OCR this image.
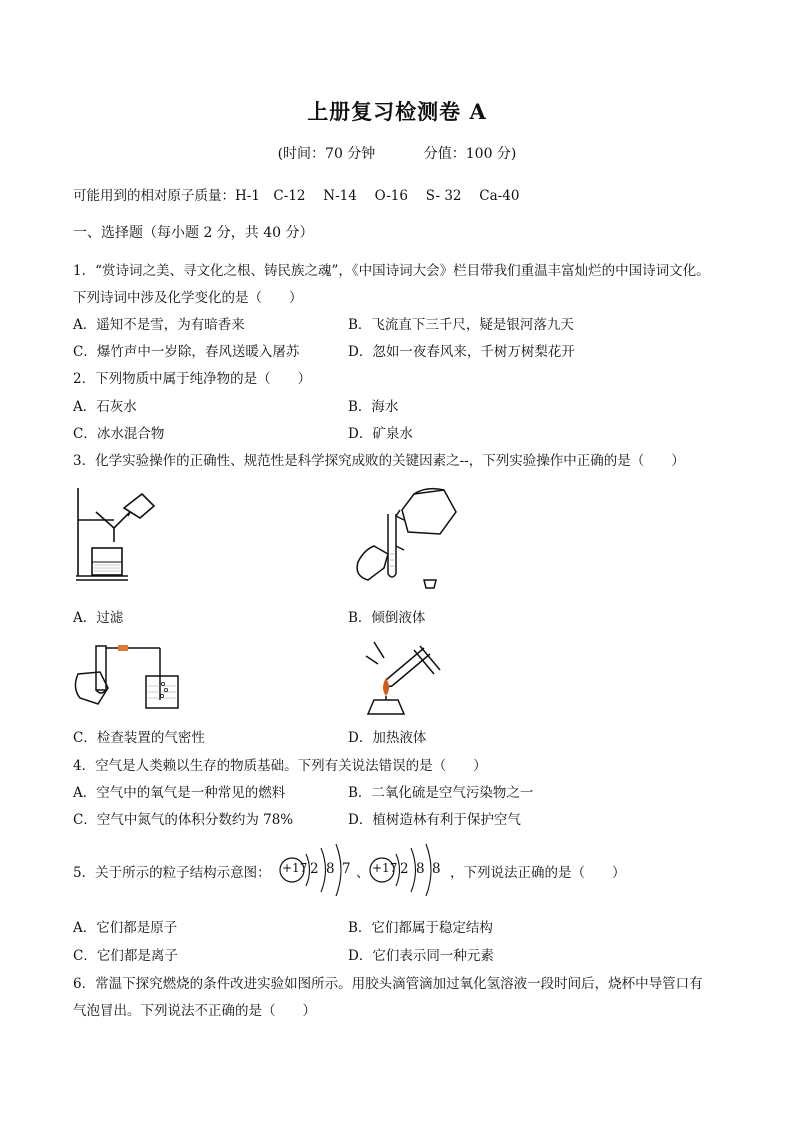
上册复习检测卷 A
(时间：70 分钟	分值：100 分)
可能用到的相对原子质量：H-1　C-12　 N-14　 O-16　 S- 32　 Ca-40
一、选择题（每小题 2 分，共 40 分）
1．“赏诗词之美、寻文化之根、铸民族之魂”，《中国诗词大会》栏目带我们重温丰富灿烂的中国诗词文化。
下列诗词中涉及化学变化的是（　　）
A．遥知不是雪，为有暗香来	B．飞流直下三千尺，疑是银河落九天
C．爆竹声中一岁除，春风送暖入屠苏	D．忽如一夜春风来，千树万树梨花开
2．下列物质中属于纯净物的是（　　）
A．石灰水	B．海水
C．冰水混合物	D．矿泉水
3．化学实验操作的正确性、规范性是科学探究成败的关键因素之--，下列实验操作中正确的是（　　）
A．过滤	B．倾倒液体
C．检查装置的气密性	D．加热液体
4．空气是人类赖以生存的物质基础。下列有关说法错误的是（　　）
A．空气中的氧气是一种常见的燃料	B．二氧化硫是空气污染物之一
C．空气中氮气的体积分数约为 78%	D．植树造林有利于保护空气
5．关于所示的粒子结构示意图： +17 2 8 7 、 +17 2 8 8 ，下列说法正确的是（　　）
A．它们都是原子	B．它们都属于稳定结构
C．它们都是离子	D．它们表示同一种元素
6．常温下探究燃烧的条件改进实验如图所示。用胶头滴管滴加过氧化氢溶液一段时间后，烧杯中导管口有
气泡冒出。下列说法不正确的是（　　）
